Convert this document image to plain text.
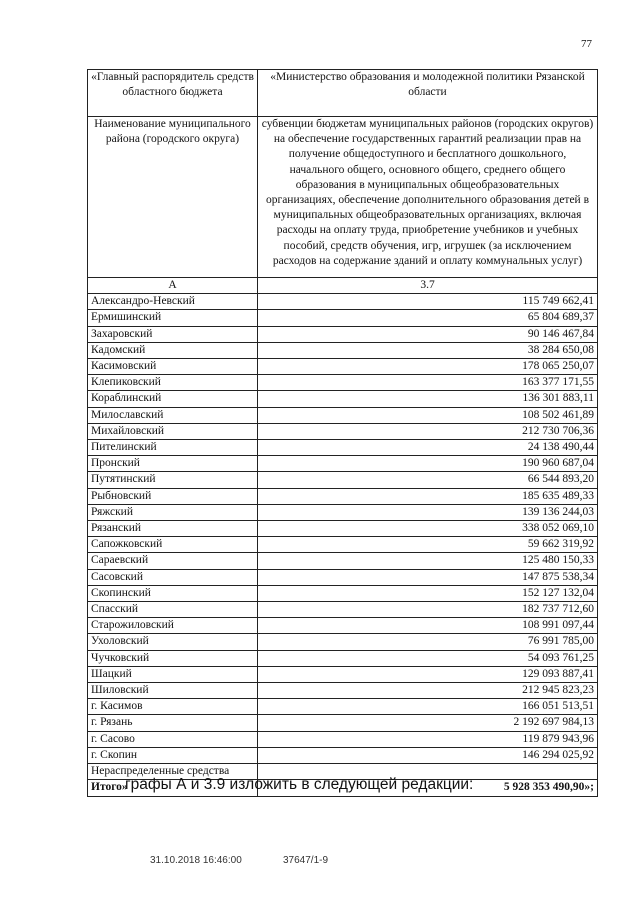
77
«Главный распорядитель средств областного бюджета	«Министерство образования и молодежной политики Рязанской области
Наименование муниципального района (городского округа)	субвенции бюджетам муниципальных районов (городских округов) на обеспечение государственных гарантий реализации прав на получение общедоступного и бесплатного дошкольного, начального общего, основного общего, среднего общего образования в муниципальных общеобразовательных организациях, обеспечение дополнительного образования детей в муниципальных общеобразовательных организациях, включая расходы на оплату труда, приобретение учебников и учебных пособий, средств обучения, игр, игрушек (за исключением расходов на содержание зданий и оплату коммунальных услуг)
А	3.7
Александро-Невский	115 749 662,41
Ермишинский	65 804 689,37
Захаровский	90 146 467,84
Кадомский	38 284 650,08
Касимовский	178 065 250,07
Клепиковский	163 377 171,55
Кораблинский	136 301 883,11
Милославский	108 502 461,89
Михайловский	212 730 706,36
Пителинский	24 138 490,44
Пронский	190 960 687,04
Путятинский	66 544 893,20
Рыбновский	185 635 489,33
Ряжский	139 136 244,03
Рязанский	338 052 069,10
Сапожковский	59 662 319,92
Сараевский	125 480 150,33
Сасовский	147 875 538,34
Скопинский	152 127 132,04
Спасский	182 737 712,60
Старожиловский	108 991 097,44
Ухоловский	76 991 785,00
Чучковский	54 093 761,25
Шацкий	129 093 887,41
Шиловский	212 945 823,23
г. Касимов	166 051 513,51
г. Рязань	2 192 697 984,13
г. Сасово	119 879 943,96
г. Скопин	146 294 025,92
Нераспределенные средства	
Итого»	5 928 353 490,90»;
графы А и 3.9 изложить в следующей редакции:
31.10.2018 16:46:00	37647/1-9
